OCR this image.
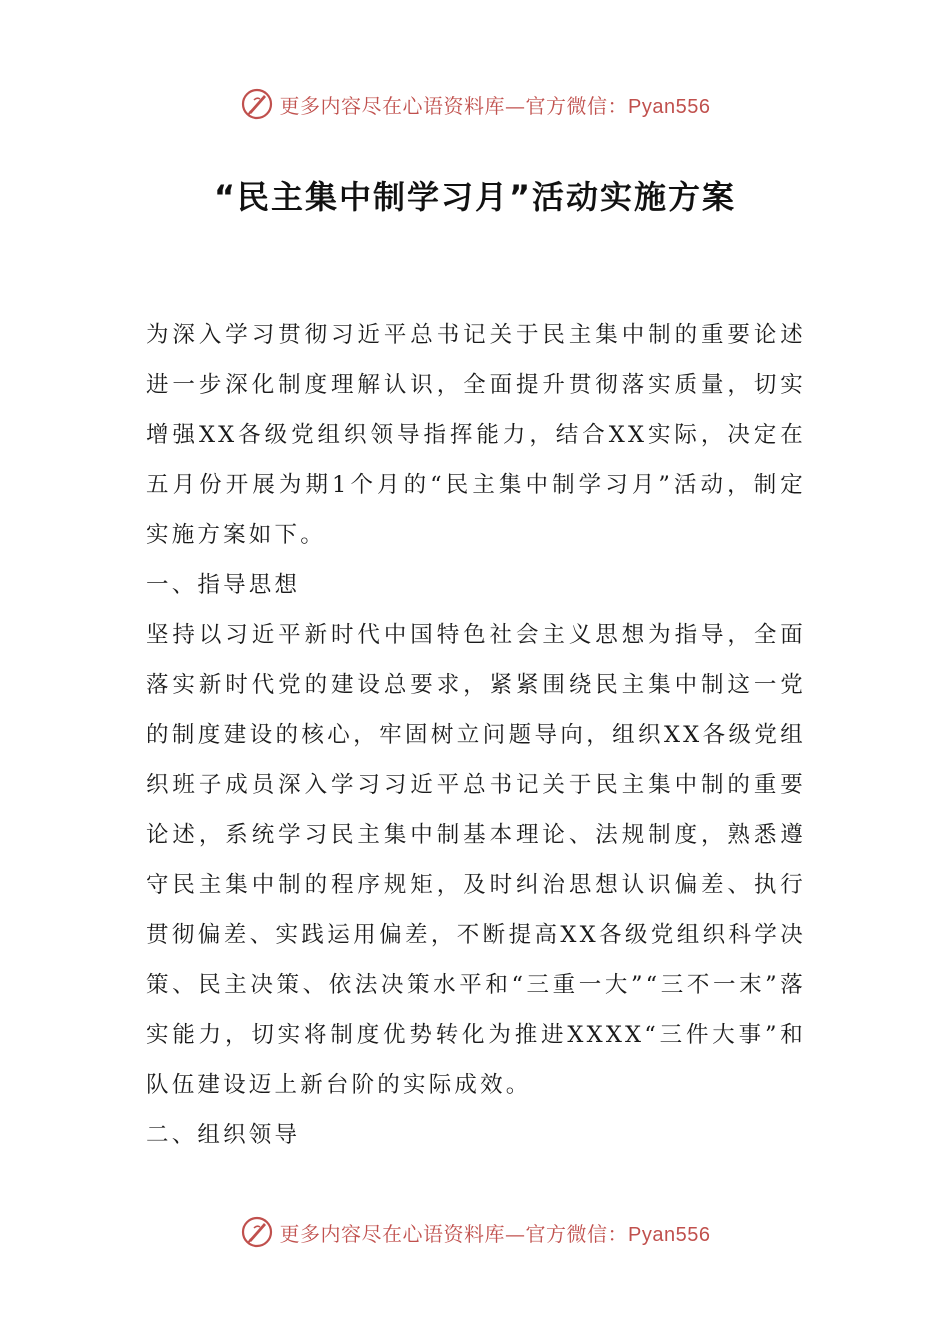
更多内容尽在心语资料库—官方微信：Pyan556
“民主集中制学习月”活动实施方案

为深入学习贯彻习近平总书记关于民主集中制的重要论述进一步深化制度理解认识，全面提升贯彻落实质量，切实增强XX各级党组织领导指挥能力，结合XX实际，决定在五月份开展为期1个月的“民主集中制学习月”活动，制定实施方案如下。

一、指导思想

坚持以习近平新时代中国特色社会主义思想为指导，全面落实新时代党的建设总要求，紧紧围绕民主集中制这一党的制度建设的核心，牢固树立问题导向，组织XX各级党组织班子成员深入学习习近平总书记关于民主集中制的重要论述，系统学习民主集中制基本理论、法规制度，熟悉遵守民主集中制的程序规矩，及时纠治思想认识偏差、执行贯彻偏差、实践运用偏差，不断提高XX各级党组织科学决策、民主决策、依法决策水平和“三重一大”“三不一末”落实能力，切实将制度优势转化为推进XXXX“三件大事”和队伍建设迈上新台阶的实际成效。

二、组织领导

更多内容尽在心语资料库—官方微信：Pyan556
